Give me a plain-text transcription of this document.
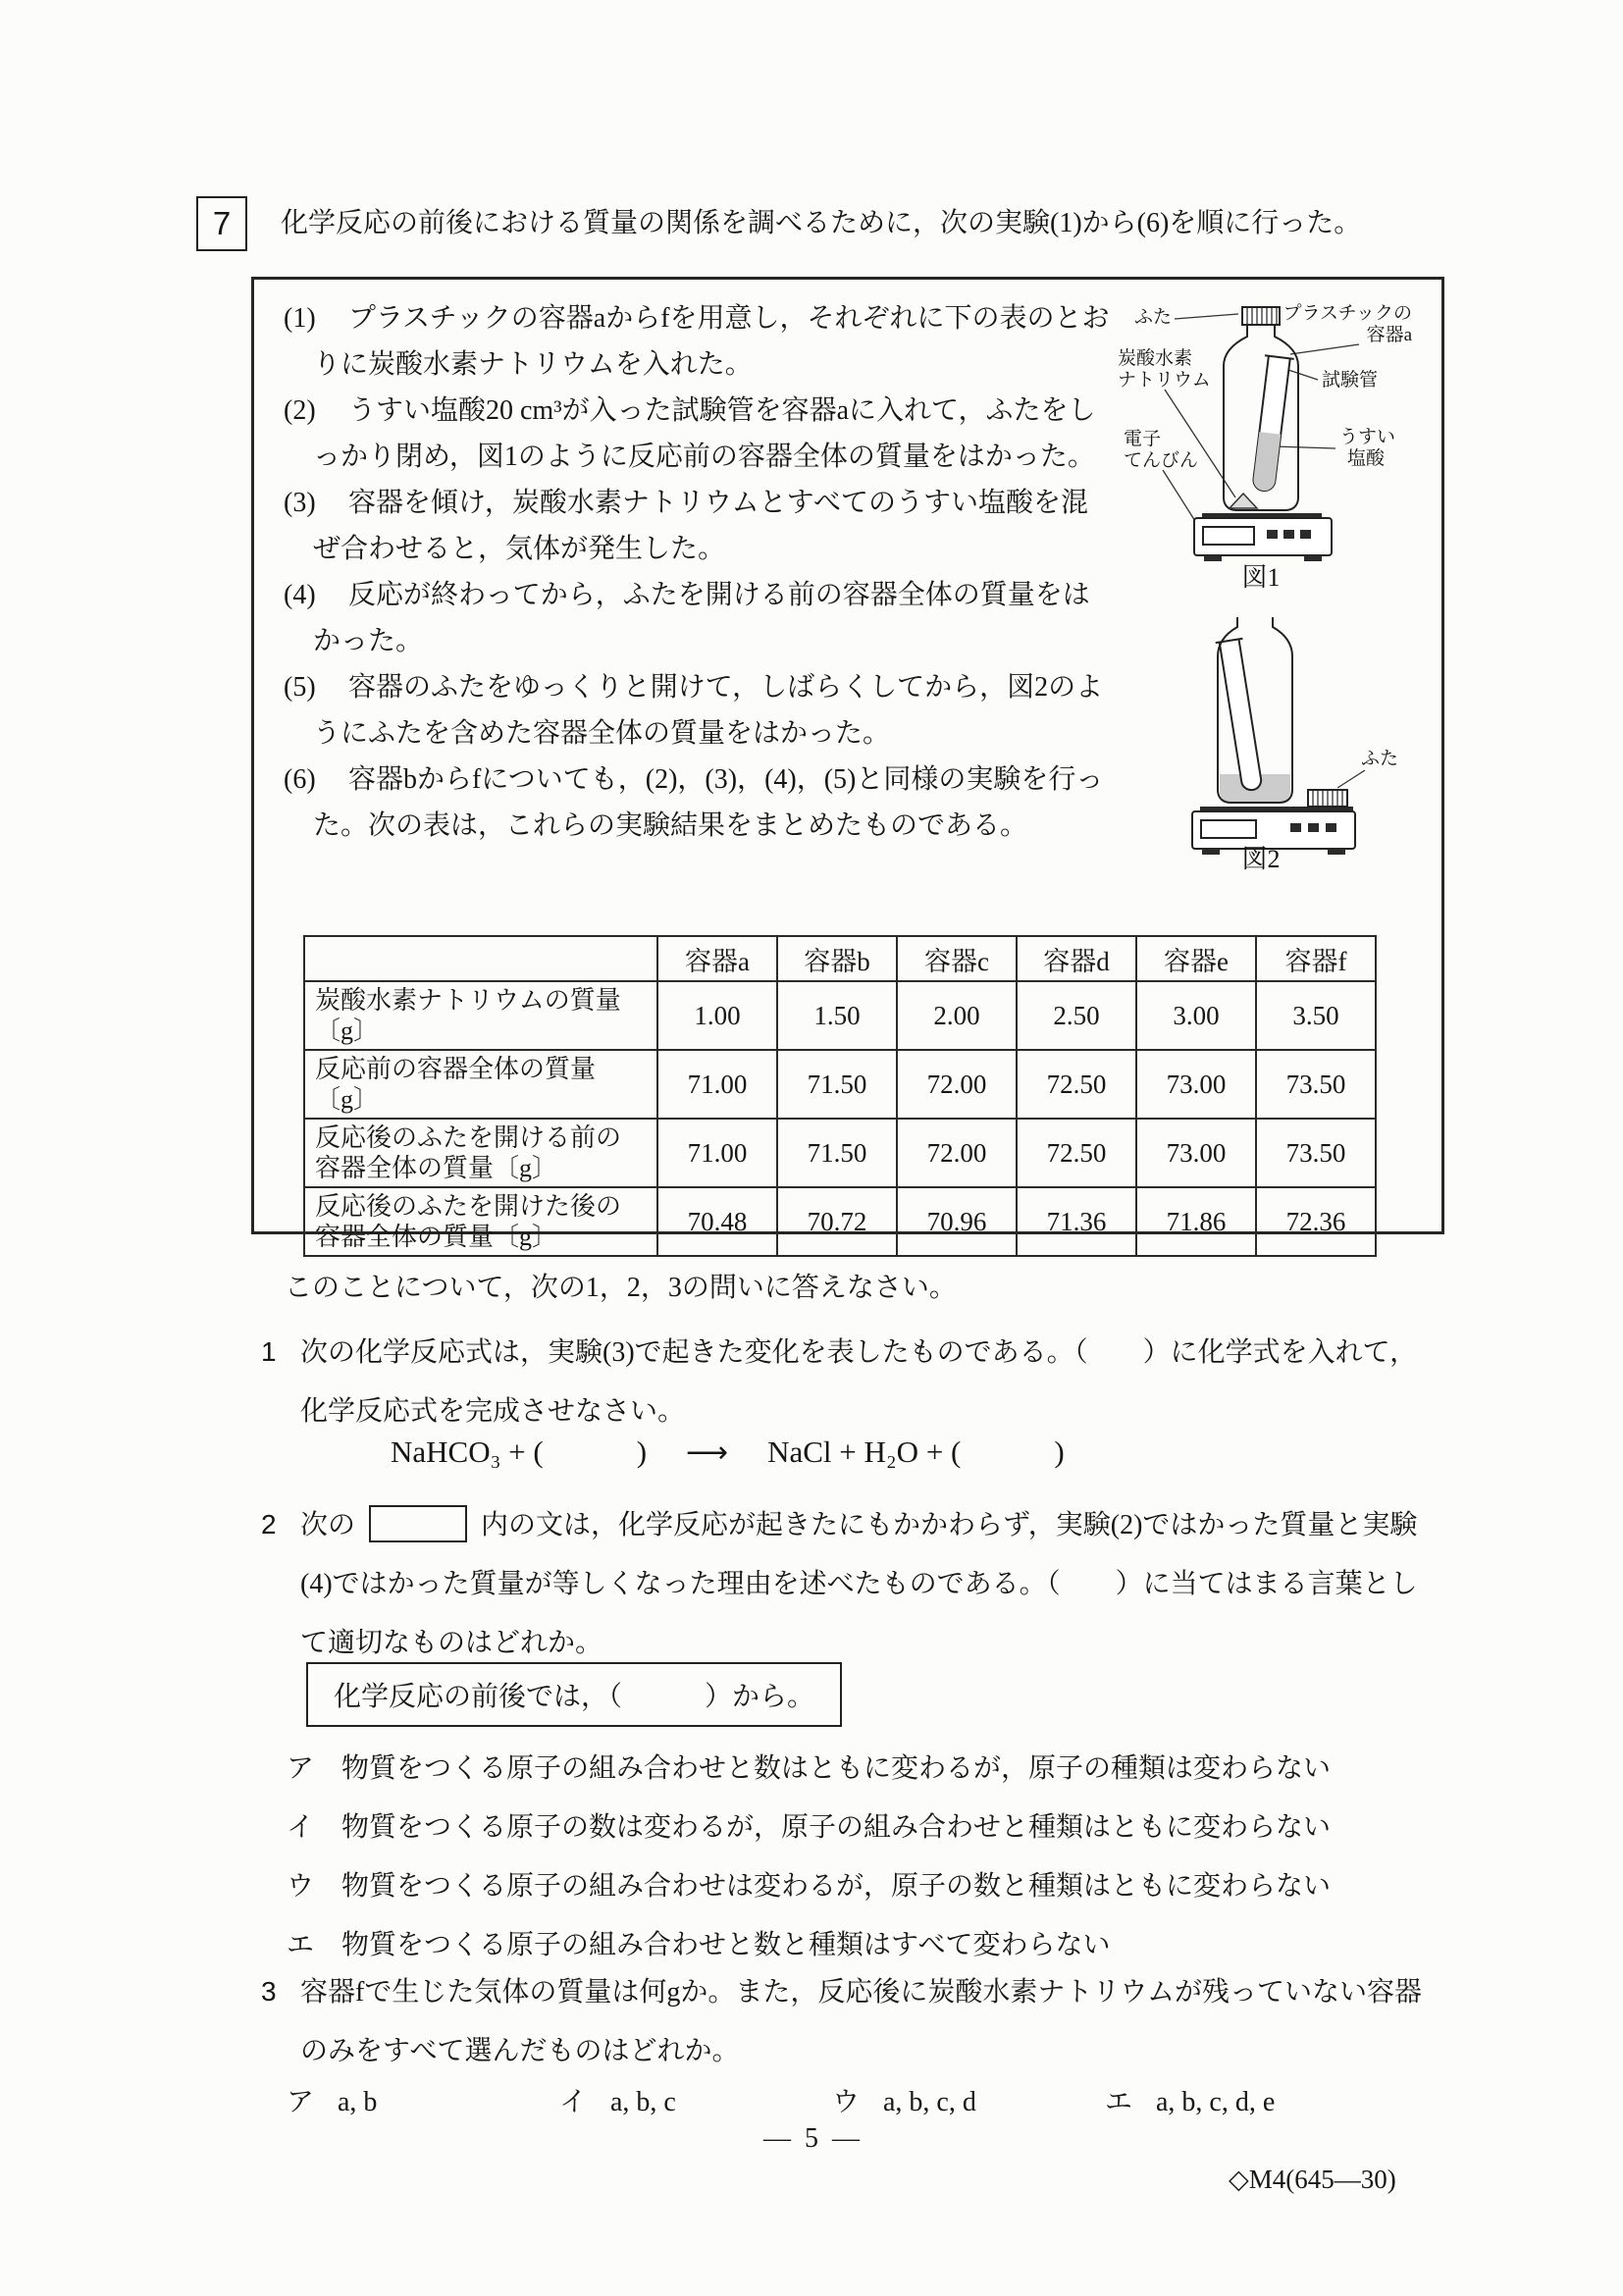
7	化学反応の前後における質量の関係を調べるために，次の実験(1)から(6)を順に行った。

(1) プラスチックの容器aからfを用意し，それぞれに下の表のとおりに炭酸水素ナトリウムを入れた。

(2) うすい塩酸20 cm³が入った試験管を容器aに入れて，ふたをしっかり閉め，図1のように反応前の容器全体の質量をはかった。

(3) 容器を傾け，炭酸水素ナトリウムとすべてのうすい塩酸を混ぜ合わせると，気体が発生した。

(4) 反応が終わってから，ふたを開ける前の容器全体の質量をはかった。

(5) 容器のふたをゆっくりと開けて，しばらくしてから，図2のようにふたを含めた容器全体の質量をはかった。

(6) 容器bからfについても，(2)，(3)，(4)，(5)と同様の実験を行った。次の表は，これらの実験結果をまとめたものである。

ふた	プラスチックの
容器a
炭酸水素
ナトリウム	試験管
電子
てんびん
うすい
塩酸
図1
ふた
図2
	容器a	容器b	容器c	容器d	容器e	容器f
炭酸水素ナトリウムの質量〔g〕	1.00	1.50	2.00	2.50	3.00	3.50
反応前の容器全体の質量〔g〕	71.00	71.50	72.00	72.50	73.00	73.50
反応後のふたを開ける前の
容器全体の質量〔g〕	71.00	71.50	72.00	72.50	73.00	73.50
反応後のふたを開けた後の
容器全体の質量〔g〕	70.48	70.72	70.96	71.36	71.86	72.36
このことについて，次の1，2，3の問いに答えなさい。

1 次の化学反応式は，実験(3)で起きた変化を表したものである。（　　）に化学式を入れて，化学反応式を完成させなさい。

NaHCO₃ + (	) ⟶ NaCl + H₂O + (	)

2 次の	内の文は，化学反応が起きたにもかかわらず，実験(2)ではかった質量と実験(4)ではかった質量が等しくなった理由を述べたものである。（　　）に当てはまる言葉として適切なものはどれか。

化学反応の前後では，（　　　）から。

ア 物質をつくる原子の組み合わせと数はともに変わるが，原子の種類は変わらない

イ 物質をつくる原子の数は変わるが，原子の組み合わせと種類はともに変わらない

ウ 物質をつくる原子の組み合わせは変わるが，原子の数と種類はともに変わらない

エ 物質をつくる原子の組み合わせと数と種類はすべて変わらない

3 容器fで生じた気体の質量は何gか。また，反応後に炭酸水素ナトリウムが残っていない容器のみをすべて選んだものはどれか。

ア a, b	イ a, b, c	ウ a, b, c, d	エ a, b, c, d, e
—  5  —
◇M4(645—30)
